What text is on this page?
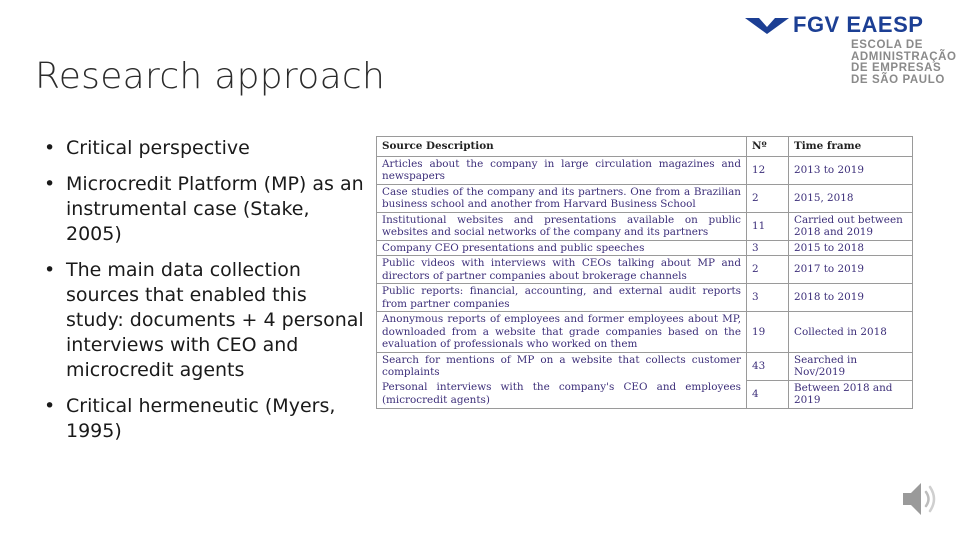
Research approach
FGV EAESP
ESCOLA DE
ADMINISTRAÇÃO
DE EMPRESAS
DE SÃO PAULO
• Critical perspective
• Microcredit Platform (MP) as an instrumental case (Stake, 2005)
• The main data collection sources that enabled this study: documents + 4 personal interviews with CEO and microcredit agents
• Critical hermeneutic (Myers, 1995)
Source Description	Nº	Time frame
Articles about the company in large circulation magazines and newspapers	12	2013 to 2019
Case studies of the company and its partners. One from a Brazilian business school and another from Harvard Business School	2	2015, 2018
Institutional websites and presentations available on public websites and social networks of the company and its partners	11	Carried out between 2018 and 2019
Company CEO presentations and public speeches	3	2015 to 2018
Public videos with interviews with CEOs talking about MP and directors of partner companies about brokerage channels	2	2017 to 2019
Public reports: financial, accounting, and external audit reports from partner companies	3	2018 to 2019
Anonymous reports of employees and former employees about MP, downloaded from a website that grade companies based on the evaluation of professionals who worked on them	19	Collected in 2018
Search for mentions of MP on a website that collects customer complaints	43	Searched in Nov/2019
Personal interviews with the company's CEO and employees (microcredit agents)	4	Between 2018 and 2019
